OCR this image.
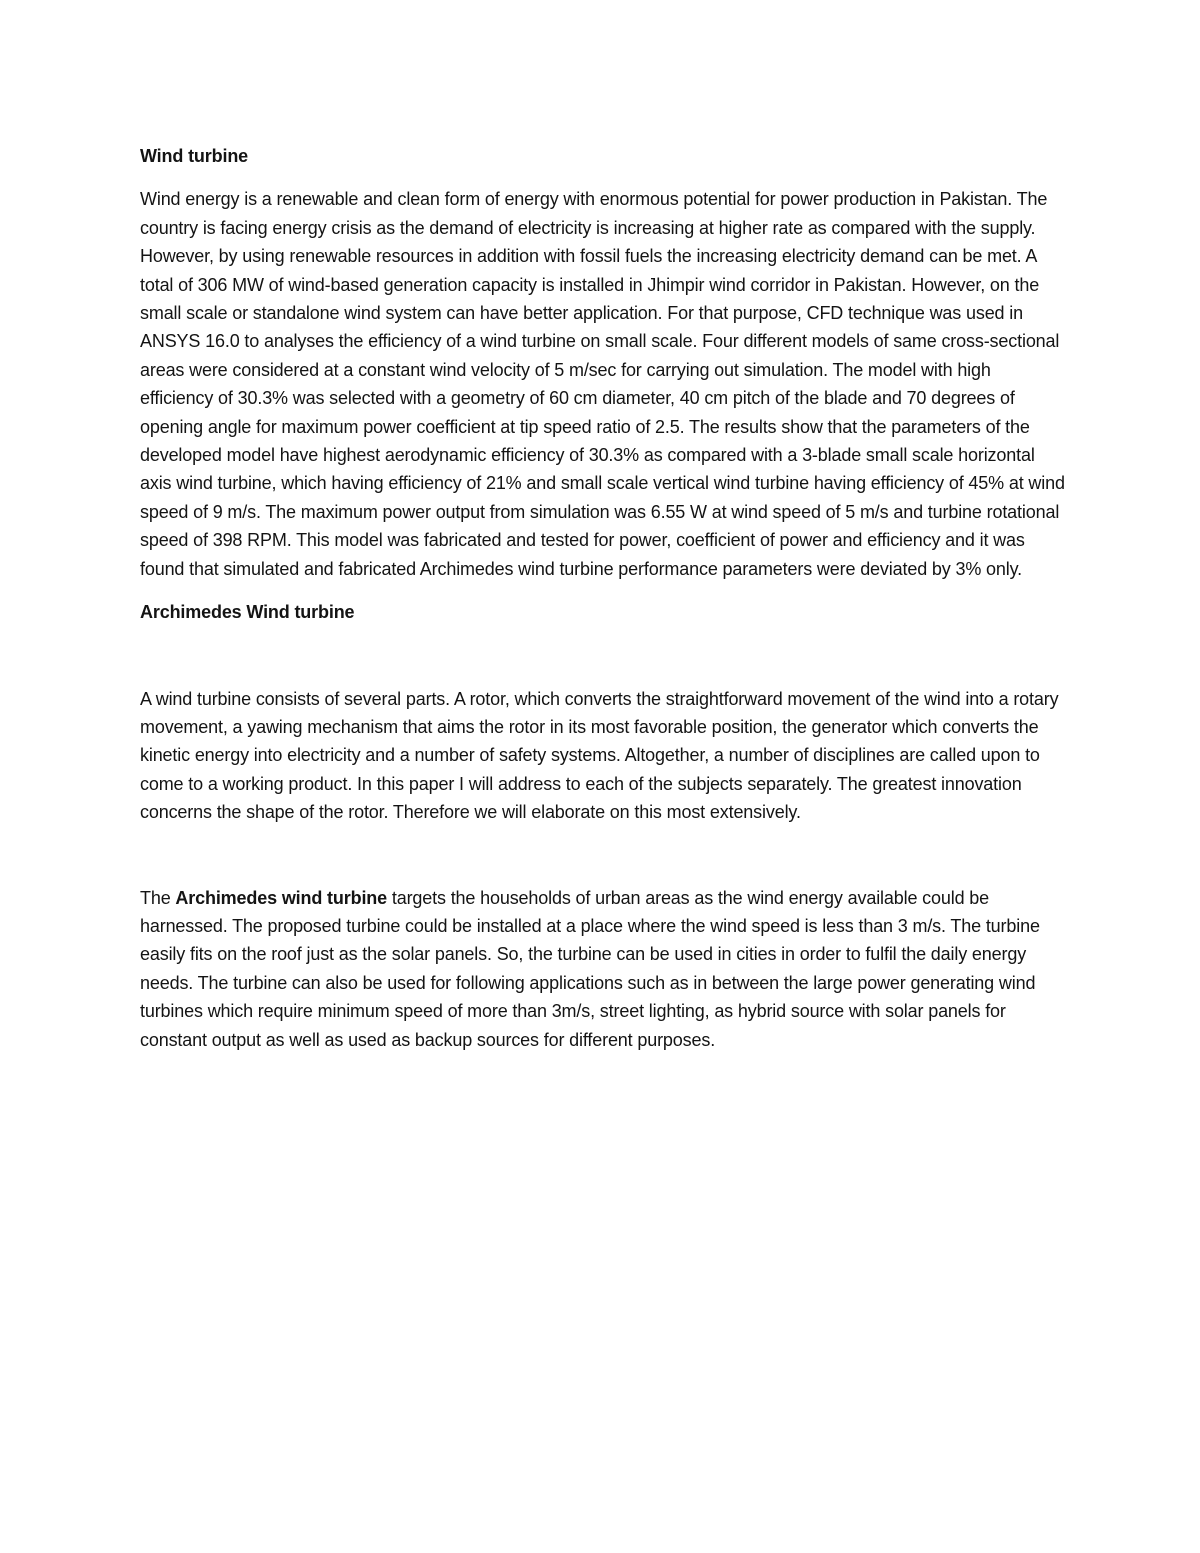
Wind turbine

Wind energy is a renewable and clean form of energy with enormous potential for power production in Pakistan. The country is facing energy crisis as the demand of electricity is increasing at higher rate as compared with the supply. However, by using renewable resources in addition with fossil fuels the increasing electricity demand can be met. A total of 306 MW of wind-based generation capacity is installed in Jhimpir wind corridor in Pakistan. However, on the small scale or standalone wind system can have better application. For that purpose, CFD technique was used in ANSYS 16.0 to analyses the efficiency of a wind turbine on small scale. Four different models of same cross-sectional areas were considered at a constant wind velocity of 5 m/sec for carrying out simulation. The model with high efficiency of 30.3% was selected with a geometry of 60 cm diameter, 40 cm pitch of the blade and 70 degrees of opening angle for maximum power coefficient at tip speed ratio of 2.5. The results show that the parameters of the developed model have highest aerodynamic efficiency of 30.3% as compared with a 3-blade small scale horizontal axis wind turbine, which having efficiency of 21% and small scale vertical wind turbine having efficiency of 45% at wind speed of 9 m/s. The maximum power output from simulation was 6.55 W at wind speed of 5 m/s and turbine rotational speed of 398 RPM. This model was fabricated and tested for power, coefficient of power and efficiency and it was found that simulated and fabricated Archimedes wind turbine performance parameters were deviated by 3% only.

Archimedes Wind turbine

A wind turbine consists of several parts. A rotor, which converts the straightforward movement of the wind into a rotary movement, a yawing mechanism that aims the rotor in its most favorable position, the generator which converts the kinetic energy into electricity and a number of safety systems. Altogether, a number of disciplines are called upon to come to a working product. In this paper I will address to each of the subjects separately. The greatest innovation concerns the shape of the rotor. Therefore we will elaborate on this most extensively.

The Archimedes wind turbine targets the households of urban areas as the wind energy available could be harnessed. The proposed turbine could be installed at a place where the wind speed is less than 3 m/s. The turbine easily fits on the roof just as the solar panels. So, the turbine can be used in cities in order to fulfil the daily energy needs. The turbine can also be used for following applications such as in between the large power generating wind turbines which require minimum speed of more than 3m/s, street lighting, as hybrid source with solar panels for constant output as well as used as backup sources for different purposes.
